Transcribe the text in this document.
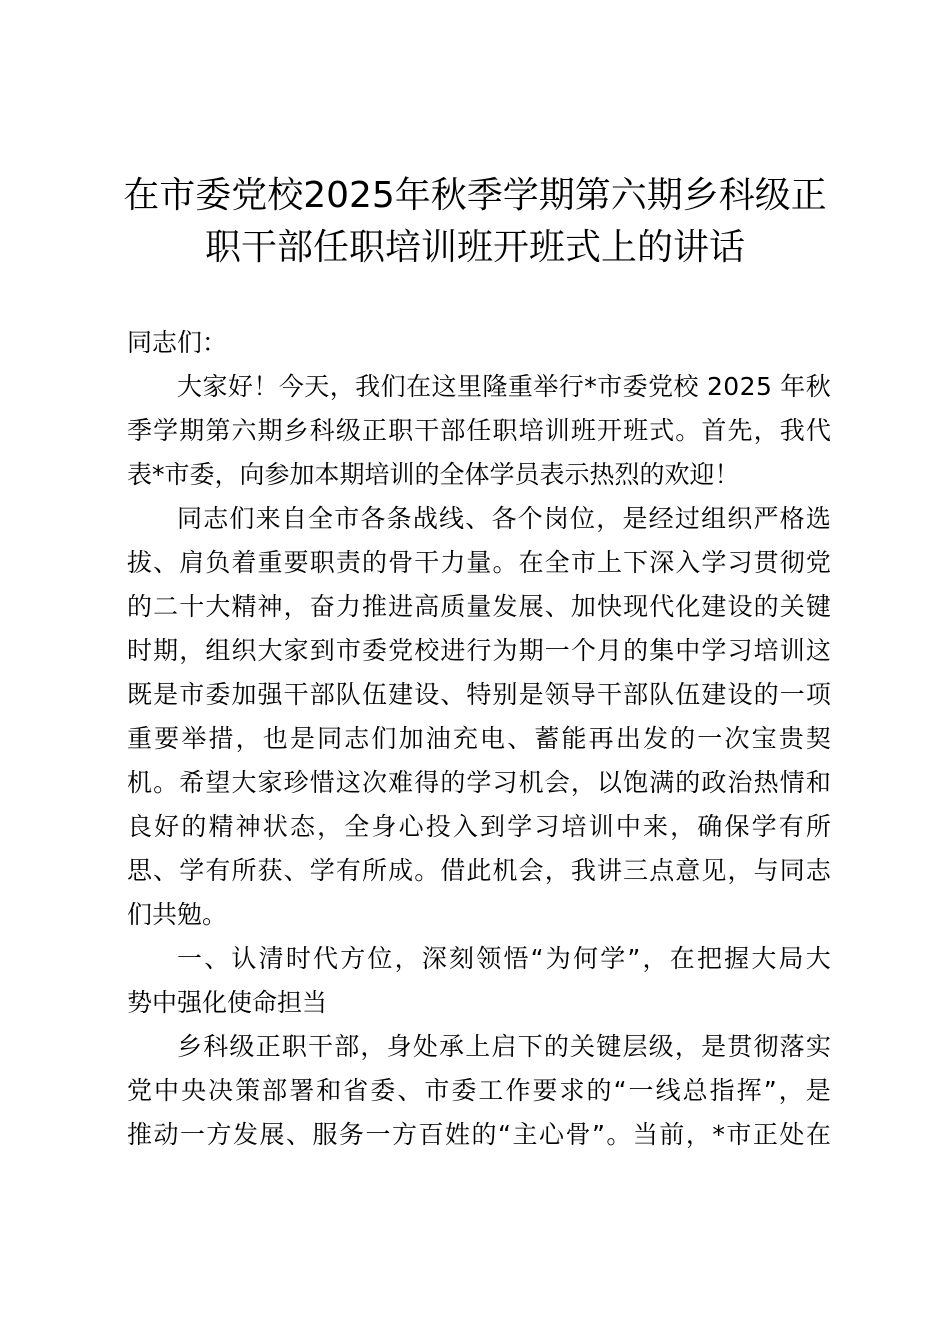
在市委党校2025年秋季学期第六期乡科级正
职干部任职培训班开班式上的讲话
同志们：
大 家 好 ！ 今 天 ， 我 们 在 这 里 隆 重 举 行 * 市 委 党 校 2 0 2 5 年 秋
季 学 期 第 六 期 乡 科 级 正 职 干 部 任 职 培 训 班 开 班 式 。 首 先 ， 我 代
表*市委，向参加本期培训的全体学员表示热烈的欢迎！
同 志 们 来 自 全 市 各 条 战 线 、 各 个 岗 位 ， 是 经 过 组 织 严 格 选
拔 、 肩 负 着 重 要 职 责 的 骨 干 力 量 。 在 全 市 上 下 深 入 学 习 贯 彻 党
的 二 十 大 精 神 ， 奋 力 推 进 高 质 量 发 展 、 加 快 现 代 化 建 设 的 关 键
时 期 ， 组 织 大 家 到 市 委 党 校 进 行 为 期 一 个 月 的 集 中 学 习 培 训 这
既 是 市 委 加 强 干 部 队 伍 建 设 、 特 别 是 领 导 干 部 队 伍 建 设 的 一 项
重 要 举 措 ， 也 是 同 志 们 加 油 充 电 、 蓄 能 再 出 发 的 一 次 宝 贵 契
机 。 希 望 大 家 珍 惜 这 次 难 得 的 学 习 机 会 ， 以 饱 满 的 政 治 热 情 和
良 好 的 精 神 状 态 ， 全 身 心 投 入 到 学 习 培 训 中 来 ， 确 保 学 有 所
思 、 学 有 所 获 、 学 有 所 成 。 借 此 机 会 ， 我 讲 三 点 意 见 ， 与 同 志
们共勉。
一 、 认 清 时 代 方 位 ， 深 刻 领 悟 “ 为 何 学 ” ， 在 把 握 大 局 大
势中强化使命担当
乡 科 级 正 职 干 部 ， 身 处 承 上 启 下 的 关 键 层 级 ， 是 贯 彻 落 实
党 中 央 决 策 部 署 和 省 委 、 市 委 工 作 要 求 的 “ 一 线 总 指 挥 ” ， 是
推 动 一 方 发 展 、 服 务 一 方 百 姓 的 “ 主 心 骨 ” 。 当 前 ， * 市 正 处 在
